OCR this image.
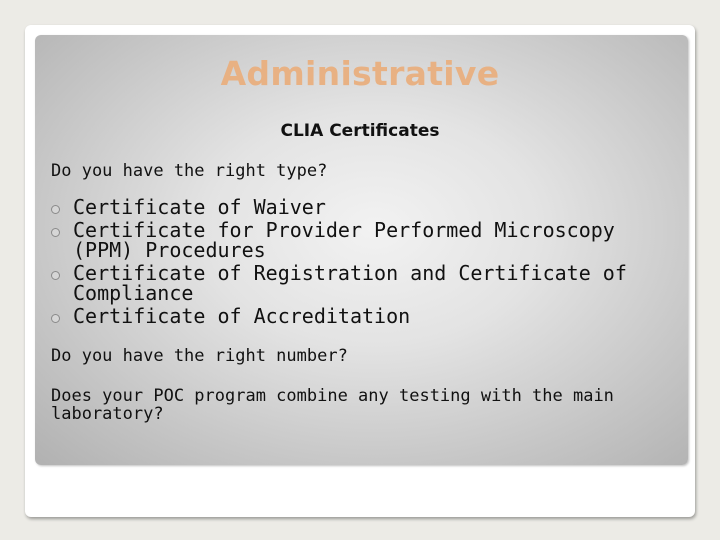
Administrative
CLIA Certificates
Do you have the right type?
Certificate of Waiver
Certificate for Provider Performed Microscopy (PPM) Procedures
Certificate of Registration and Certificate of Compliance
Certificate of Accreditation
Do you have the right number?
Does your POC program combine any testing with the main laboratory?
